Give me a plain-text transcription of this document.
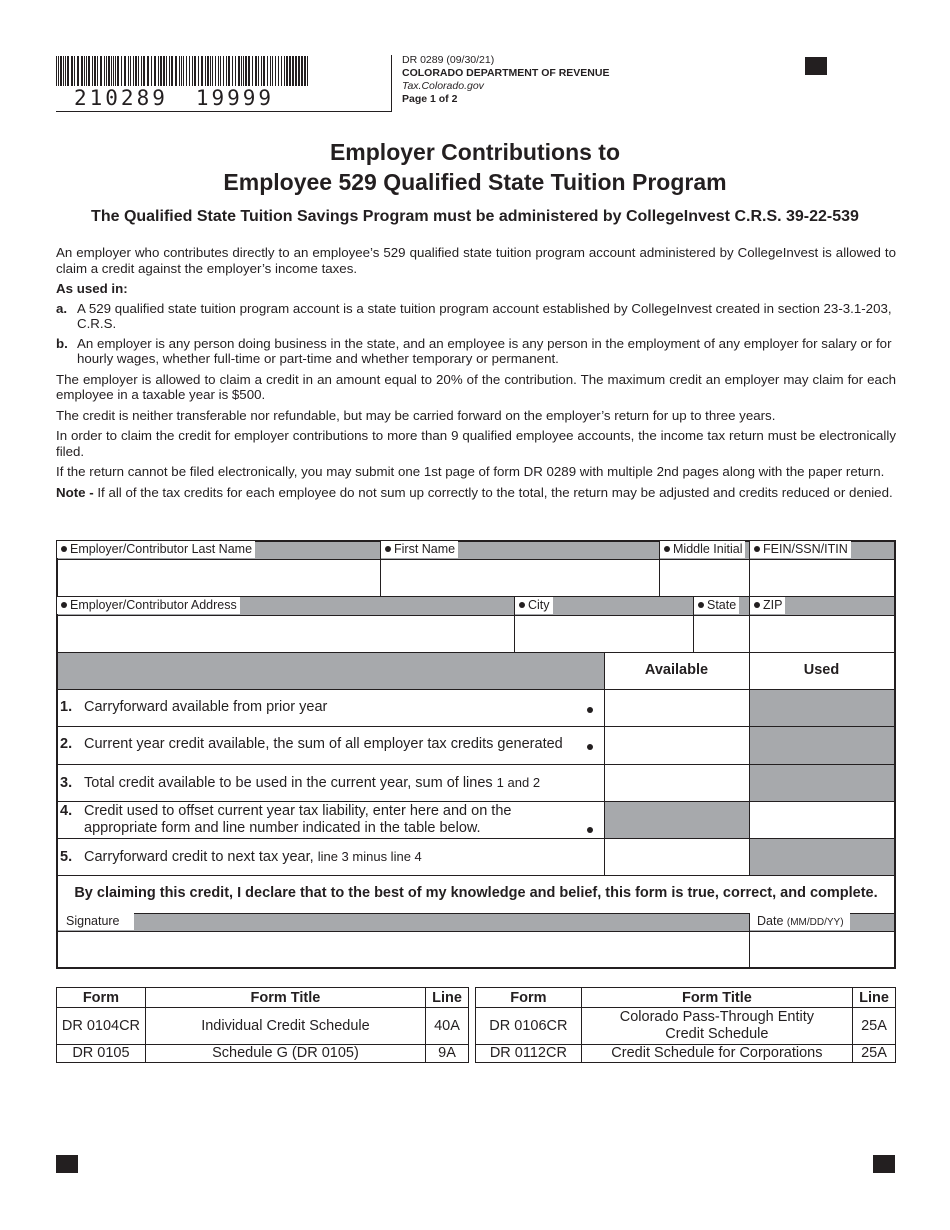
210289 19999
DR 0289 (09/30/21)
COLORADO DEPARTMENT OF REVENUE
Tax.Colorado.gov
Page 1 of 2
Employer Contributions to
Employee 529 Qualified State Tuition Program
The Qualified State Tuition Savings Program must be administered by CollegeInvest C.R.S. 39-22-539

An employer who contributes directly to an employee’s 529 qualified state tuition program account administered by CollegeInvest is allowed to claim a credit against the employer’s income taxes.

As used in:

a. A 529 qualified state tuition program account is a state tuition program account established by CollegeInvest created in section 23-3.1-203, C.R.S.
b. An employer is any person doing business in the state, and an employee is any person in the employment of any employer for salary or for hourly wages, whether full-time or part-time and whether temporary or permanent.

The employer is allowed to claim a credit in an amount equal to 20% of the contribution. The maximum credit an employer may claim for each employee in a taxable year is $500.

The credit is neither transferable nor refundable, but may be carried forward on the employer’s return for up to three years.

In order to claim the credit for employer contributions to more than 9 qualified employee accounts, the income tax return must be electronically filed.

If the return cannot be filed electronically, you may submit one 1st page of form DR 0289 with multiple 2nd pages along with the paper return.

Note - If all of the tax credits for each employee do not sum up correctly to the total, the return may be adjusted and credits reduced or denied.

Employer/Contributor Last Name	First Name	Middle Initial	FEIN/SSN/ITIN
Employer/Contributor Address	City	State	ZIP
Available	Used
1. Carryforward available from prior year
2. Current year credit available, the sum of all employer tax credits generated
3. Total credit available to be used in the current year, sum of lines 1 and 2
4. Credit used to offset current year tax liability, enter here and on the
appropriate form and line number indicated in the table below.
5. Carryforward credit to next tax year, line 3 minus line 4
By claiming this credit, I declare that to the best of my knowledge and belief, this form is true, correct, and complete.
Signature	Date (MM/DD/YY)
Form	Form Title	Line
DR 0104CR	Individual Credit Schedule	40A
DR 0105	Schedule G (DR 0105)	9A
Form	Form Title	Line
DR 0106CR	Colorado Pass-Through Entity Credit Schedule	25A
DR 0112CR	Credit Schedule for Corporations	25A
